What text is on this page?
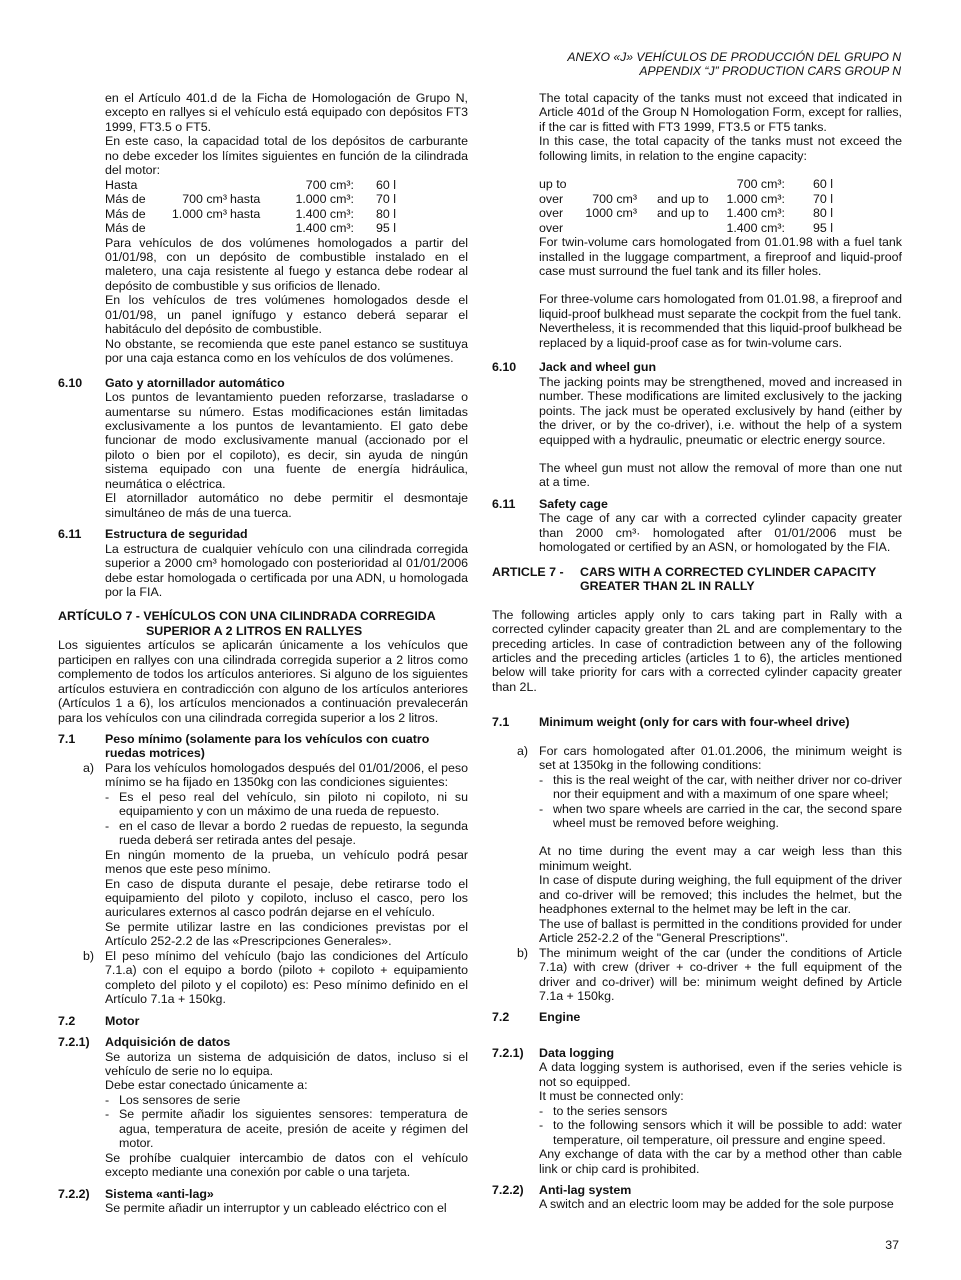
ANEXO «J» VEHÍCULOS DE PRODUCCIÓN DEL GRUPO N
APPENDIX “J” PRODUCTION CARS GROUP N

en el Artículo 401.d de la Ficha de Homologación de Grupo N, excepto en rallyes si el vehículo está equipado con depósitos FT3 1999, FT3.5 o FT5.

En este caso, la capacidad total de los depósitos de carburante no debe exceder los límites siguientes en función de la cilindrada del motor:

Hasta			700 cm³:	60 l
Más de	700 cm³	hasta	1.000 cm³:	70 l
Más de	1.000 cm³	hasta	1.400 cm³:	80 l
Más de			1.400 cm³:	95 l

Para vehículos de dos volúmenes homologados a partir del 01/01/98, con un depósito de combustible instalado en el maletero, una caja resistente al fuego y estanca debe rodear al depósito de combustible y sus orificios de llenado.

En los vehículos de tres volúmenes homologados desde el 01/01/98, un panel ignífugo y estanco deberá separar el habitáculo del depósito de combustible.

No obstante, se recomienda que este panel estanco se sustituya por una caja estanca como en los vehículos de dos volúmenes.

6.10	Gato y atornillador automático

Los puntos de levantamiento pueden reforzarse, trasladarse o aumentarse su número. Estas modificaciones están limitadas exclusivamente a los puntos de levantamiento. El gato debe funcionar de modo exclusivamente manual (accionado por el piloto o bien por el copiloto), es decir, sin ayuda de ningún sistema equipado con una fuente de energía hidráulica, neumática o eléctrica.

El atornillador automático no debe permitir el desmontaje simultáneo de más de una tuerca.

6.11	Estructura de seguridad

La estructura de cualquier vehículo con una cilindrada corregida superior a 2000 cm³ homologado con posterioridad al 01/01/2006 debe estar homologada o certificada por una ADN, u homologada por la FIA.

ARTÍCULO 7 - VEHÍCULOS CON UNA CILINDRADA CORREGIDA
SUPERIOR A 2 LITROS EN RALLYES

Los siguientes artículos se aplicarán únicamente a los vehículos que participen en rallyes con una cilindrada corregida superior a 2 litros como complemento de todos los artículos anteriores. Si alguno de los siguientes artículos estuviera en contradicción con alguno de los artículos anteriores (Artículos 1 a 6), los artículos mencionados a continuación prevalecerán para los vehículos con una cilindrada corregida superior a los 2 litros.

7.1	Peso mínimo (solamente para los vehículos con cuatro ruedas motrices)
a) Para los vehículos homologados después del 01/01/2006, el peso mínimo se ha fijado en 1350kg con las condiciones siguientes:
- Es el peso real del vehículo, sin piloto ni copiloto, ni su equipamiento y con un máximo de una rueda de repuesto.
- en el caso de llevar a bordo 2 ruedas de repuesto, la segunda rueda deberá ser retirada antes del pesaje.

En ningún momento de la prueba, un vehículo podrá pesar menos que este peso mínimo.

En caso de disputa durante el pesaje, debe retirarse todo el equipamiento del piloto y copiloto, incluso el casco, pero los auriculares externos al casco podrán dejarse en el vehículo.

Se permite utilizar lastre en las condiciones previstas por el Artículo 252-2.2 de las «Prescripciones Generales».

b) El peso mínimo del vehículo (bajo las condiciones del Artículo 7.1.a) con el equipo a bordo (piloto + copiloto + equipamiento completo del piloto y el copiloto) es: Peso mínimo definido en el Artículo 7.1a + 150kg.
7.2	Motor
7.2.1)	Adquisición de datos

Se autoriza un sistema de adquisición de datos, incluso si el vehículo de serie no lo equipa.

Debe estar conectado únicamente a:

- Los sensores de serie
- Se permite añadir los siguientes sensores: temperatura de agua, temperatura de aceite, presión de aceite y régimen del motor.

Se prohíbe cualquier intercambio de datos con el vehículo excepto mediante una conexión por cable o una tarjeta.

7.2.2)	Sistema «anti-lag»

Se permite añadir un interruptor y un cableado eléctrico con el

The total capacity of the tanks must not exceed that indicated in Article 401d of the Group N Homologation Form, except for rallies, if the car is fitted with FT3 1999, FT3.5 or FT5 tanks.

In this case, the total capacity of the tanks must not exceed the following limits, in relation to the engine capacity:

up to			700 cm³:	60 l
over	700 cm³	and up to	1.000 cm³:	70 l
over	1000 cm³	and up to	1.400 cm³:	80 l
over			1.400 cm³:	95 l

For twin-volume cars homologated from 01.01.98 with a fuel tank installed in the luggage compartment, a fireproof and liquid-proof case must surround the fuel tank and its filler holes.

For three-volume cars homologated from 01.01.98, a fireproof and liquid-proof bulkhead must separate the cockpit from the fuel tank.

Nevertheless, it is recommended that this liquid-proof bulkhead be replaced by a liquid-proof case as for twin-volume cars.

6.10	Jack and wheel gun

The jacking points may be strengthened, moved and increased in number. These modifications are limited exclusively to the jacking points. The jack must be operated exclusively by hand (either by the driver, or by the co-driver), i.e. without the help of a system equipped with a hydraulic, pneumatic or electric energy source.

The wheel gun must not allow the removal of more than one nut at a time.

6.11	Safety cage

The cage of any car with a corrected cylinder capacity greater than 2000 cm³· homologated after 01/01/2006 must be homologated or certified by an ASN, or homologated by the FIA.

ARTICLE 7 -	CARS WITH A CORRECTED CYLINDER CAPACITY
GREATER THAN 2L IN RALLY

The following articles apply only to cars taking part in Rally with a corrected cylinder capacity greater than 2L and are complementary to the preceding articles. In case of contradiction between any of the following articles and the preceding articles (articles 1 to 6), the articles mentioned below will take priority for cars with a corrected cylinder capacity greater than 2L.

7.1	Minimum weight (only for cars with four-wheel drive)
a) For cars homologated after 01.01.2006, the minimum weight is set at 1350kg in the following conditions:
- this is the real weight of the car, with neither driver nor co-driver nor their equipment and with a maximum of one spare wheel;
- when two spare wheels are carried in the car, the second spare wheel must be removed before weighing.

At no time during the event may a car weigh less than this minimum weight.

In case of dispute during weighing, the full equipment of the driver and co-driver will be removed; this includes the helmet, but the headphones external to the helmet may be left in the car.

The use of ballast is permitted in the conditions provided for under Article 252-2.2 of the "General Prescriptions".

b) The minimum weight of the car (under the conditions of Article 7.1a) with crew (driver + co-driver + the full equipment of the driver and co-driver) will be: minimum weight defined by Article 7.1a + 150kg.
7.2	Engine
7.2.1)	Data logging

A data logging system is authorised, even if the series vehicle is not so equipped.

It must be connected only:

- to the series sensors
- to the following sensors which it will be possible to add: water temperature, oil temperature, oil pressure and engine speed.

Any exchange of data with the car by a method other than cable link or chip card is prohibited.

7.2.2)	Anti-lag system

A switch and an electric loom may be added for the sole purpose

37
